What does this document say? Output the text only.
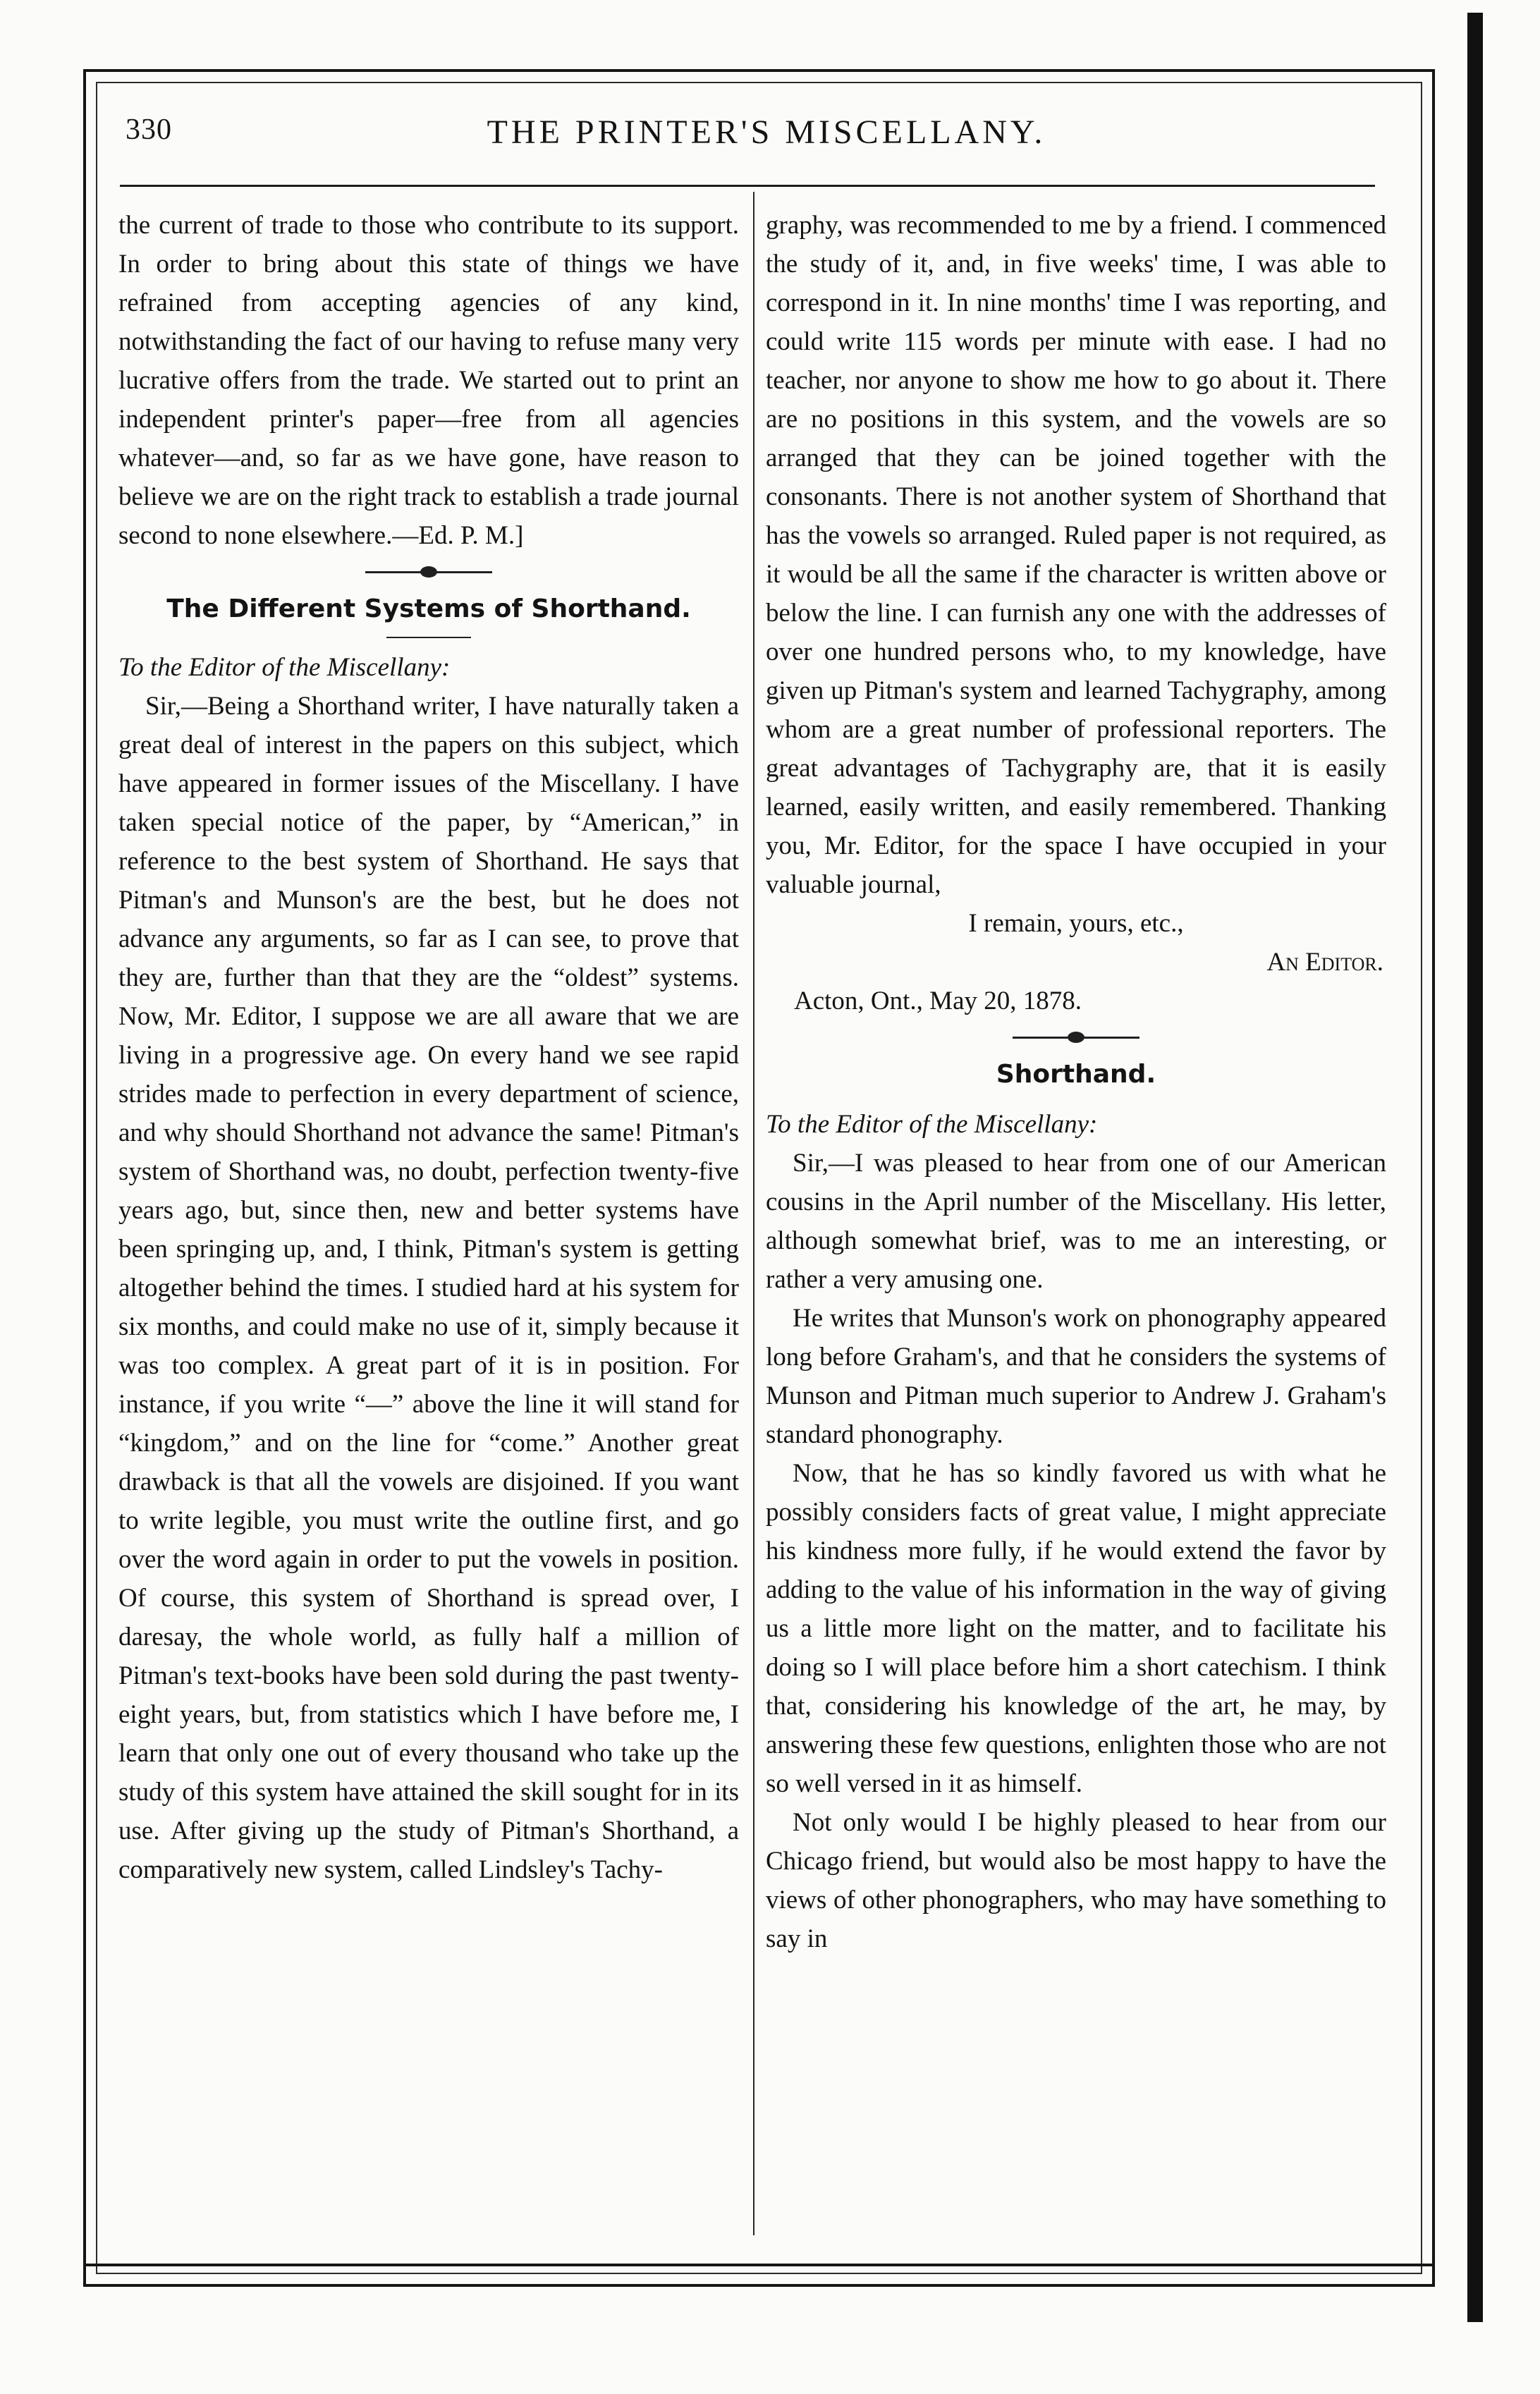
330	THE PRINTER'S MISCELLANY.

the current of trade to those who contribute to its support. In order to bring about this state of things we have refrained from accepting agencies of any kind, notwithstanding the fact of our having to refuse many very lucrative offers from the trade. We started out to print an independent printer's paper—free from all agencies whatever—and, so far as we have gone, have reason to believe we are on the right track to establish a trade journal second to none elsewhere.—Ed. P. M.]

The Different Systems of Shorthand.

To the Editor of the Miscellany:

Sir,—Being a Shorthand writer, I have naturally taken a great deal of interest in the papers on this subject, which have appeared in former issues of the Miscellany. I have taken special notice of the paper, by “American,” in reference to the best system of Shorthand. He says that Pitman's and Munson's are the best, but he does not advance any arguments, so far as I can see, to prove that they are, further than that they are the “oldest” systems. Now, Mr. Editor, I suppose we are all aware that we are living in a progressive age. On every hand we see rapid strides made to perfection in every department of science, and why should Shorthand not advance the same! Pitman's system of Shorthand was, no doubt, perfection twenty-five years ago, but, since then, new and better systems have been springing up, and, I think, Pitman's system is getting altogether behind the times. I studied hard at his system for six months, and could make no use of it, simply because it was too complex. A great part of it is in position. For instance, if you write “—” above the line it will stand for “kingdom,” and on the line for “come.” Another great drawback is that all the vowels are disjoined. If you want to write legible, you must write the outline first, and go over the word again in order to put the vowels in position. Of course, this system of Shorthand is spread over, I daresay, the whole world, as fully half a million of Pitman's text-books have been sold during the past twenty-eight years, but, from statistics which I have before me, I learn that only one out of every thousand who take up the study of this system have attained the skill sought for in its use. After giving up the study of Pitman's Shorthand, a comparatively new system, called Lindsley's Tachy-

graphy, was recommended to me by a friend. I commenced the study of it, and, in five weeks' time, I was able to correspond in it. In nine months' time I was reporting, and could write 115 words per minute with ease. I had no teacher, nor anyone to show me how to go about it. There are no positions in this system, and the vowels are so arranged that they can be joined together with the consonants. There is not another system of Shorthand that has the vowels so arranged. Ruled paper is not required, as it would be all the same if the character is written above or below the line. I can furnish any one with the addresses of over one hundred persons who, to my knowledge, have given up Pitman's system and learned Tachygraphy, among whom are a great number of professional reporters. The great advantages of Tachygraphy are, that it is easily learned, easily written, and easily remembered. Thanking you, Mr. Editor, for the space I have occupied in your valuable journal,

I remain, yours, etc.,

An Editor.

Acton, Ont., May 20, 1878.

Shorthand.

To the Editor of the Miscellany:

Sir,—I was pleased to hear from one of our American cousins in the April number of the Miscellany. His letter, although somewhat brief, was to me an interesting, or rather a very amusing one.

He writes that Munson's work on phonography appeared long before Graham's, and that he considers the systems of Munson and Pitman much superior to Andrew J. Graham's standard phonography.

Now, that he has so kindly favored us with what he possibly considers facts of great value, I might appreciate his kindness more fully, if he would extend the favor by adding to the value of his information in the way of giving us a little more light on the matter, and to facilitate his doing so I will place before him a short catechism. I think that, considering his knowledge of the art, he may, by answering these few questions, enlighten those who are not so well versed in it as himself.

Not only would I be highly pleased to hear from our Chicago friend, but would also be most happy to have the views of other phonographers, who may have something to say in
